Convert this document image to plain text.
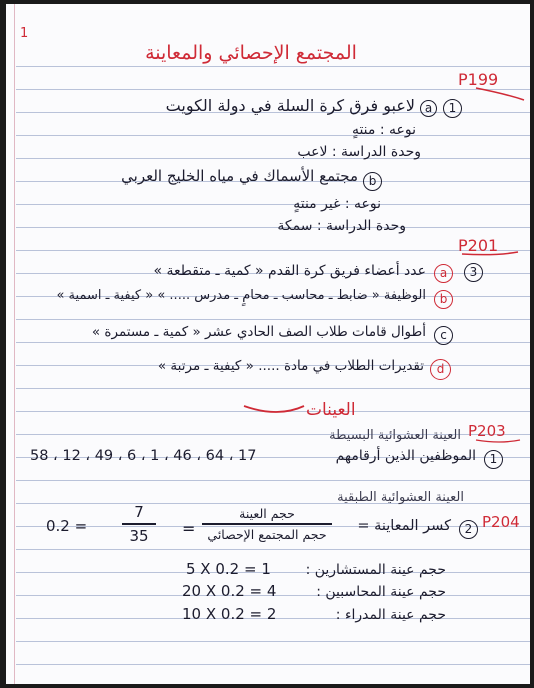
1
المجتمع الإحصائي والمعاينة
P199
1
a
لاعبو فرق كرة السلة في دولة الكويت
نوعه : منتهٍ
وحدة الدراسة : لاعب
b
مجتمع الأسماك في مياه الخليج العربي
نوعه : غير منتهٍ
وحدة الدراسة : سمكة
P201
3
a
عدد أعضاء فريق كرة القدم « كمية ـ متقطعة »
b
الوظيفة « ضابط ـ محاسب ـ محامٍ ـ مدرس ..... » « كيفية ـ اسمية »
c
أطوال قامات طلاب الصف الحادي عشر « كمية ـ مستمرة »
d
تقديرات الطلاب في مادة ..... « كيفية ـ مرتبة »
العينات
P203
العينة العشوائية البسيطة
1
الموظفين الذين أرقامهم
58 ، 12 ، 49 ، 6 ، 1 ، 46 ، 64 ، 17
العينة العشوائية الطبقية
P204
2
كسر المعاينة =
حجم العينة
حجم المجتمع الإحصائي
=
7
35
0.2 =
حجم عينة المستشارين :
5 X 0.2 = 1
حجم عينة المحاسبين :
20 X 0.2 = 4
حجم عينة المدراء :
10 X 0.2 = 2
